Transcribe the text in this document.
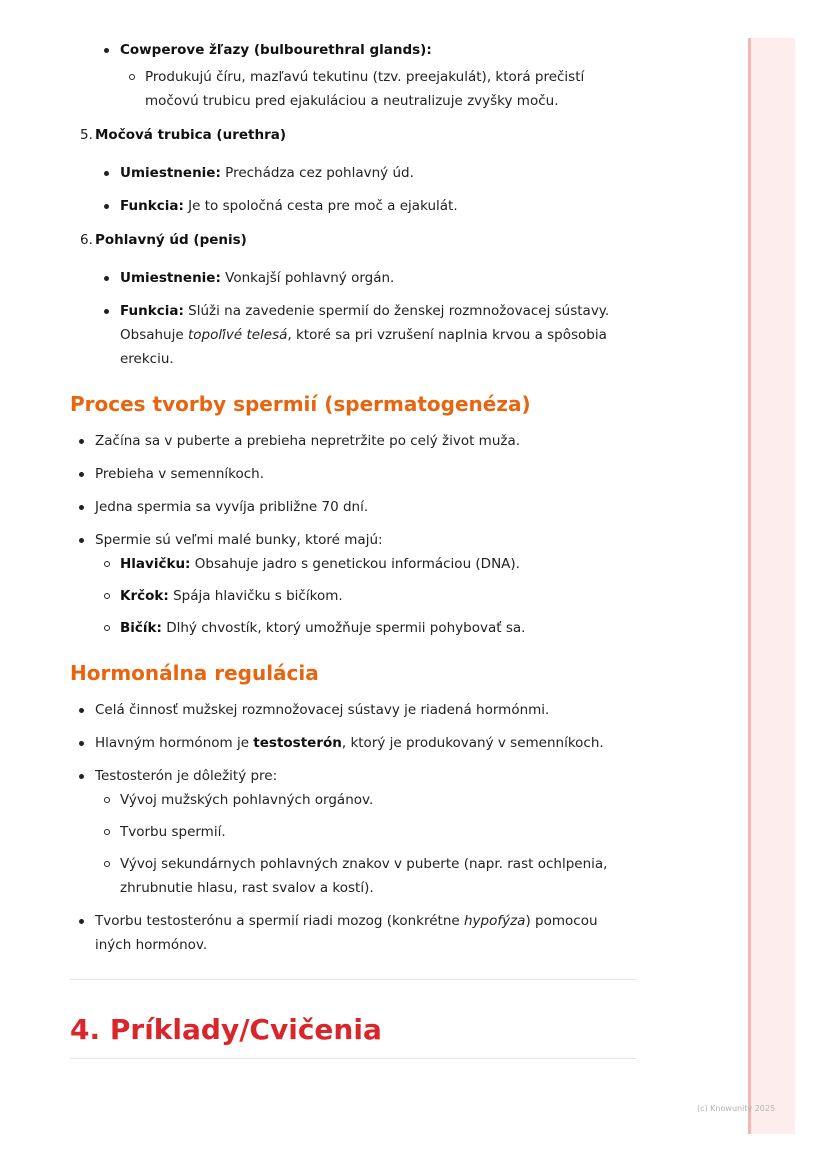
(c) Knowunity 2025
Cowperove žľazy (bulbourethral glands):
Produkujú číru, mazľavú tekutinu (tzv. preejakulát), ktorá prečistí močovú trubicu pred ejakuláciou a neutralizuje zvyšky moču.
5. Močová trubica (urethra)
Umiestnenie: Prechádza cez pohlavný úd.
Funkcia: Je to spoločná cesta pre moč a ejakulát.
6. Pohlavný úd (penis)
Umiestnenie: Vonkajší pohlavný orgán.
Funkcia: Slúži na zavedenie spermií do ženskej rozmnožovacej sústavy. Obsahuje topoľivé telesá, ktoré sa pri vzrušení naplnia krvou a spôsobia erekciu.
Proces tvorby spermií (spermatogenéza)
Začína sa v puberte a prebieha nepretržite po celý život muža.
Prebieha v semenníkoch.
Jedna spermia sa vyvíja približne 70 dní.
Spermie sú veľmi malé bunky, ktoré majú:
Hlavičku: Obsahuje jadro s genetickou informáciou (DNA).
Krčok: Spája hlavičku s bičíkom.
Bičík: Dlhý chvostík, ktorý umožňuje spermii pohybovať sa.
Hormonálna regulácia
Celá činnosť mužskej rozmnožovacej sústavy je riadená hormónmi.
Hlavným hormónom je testosterón, ktorý je produkovaný v semenníkoch.
Testosterón je dôležitý pre:
Vývoj mužských pohlavných orgánov.
Tvorbu spermií.
Vývoj sekundárnych pohlavných znakov v puberte (napr. rast ochlpenia, zhrubnutie hlasu, rast svalov a kostí).
Tvorbu testosterónu a spermií riadi mozog (konkrétne hypofýza) pomocou iných hormónov.
4. Príklady/Cvičenia
